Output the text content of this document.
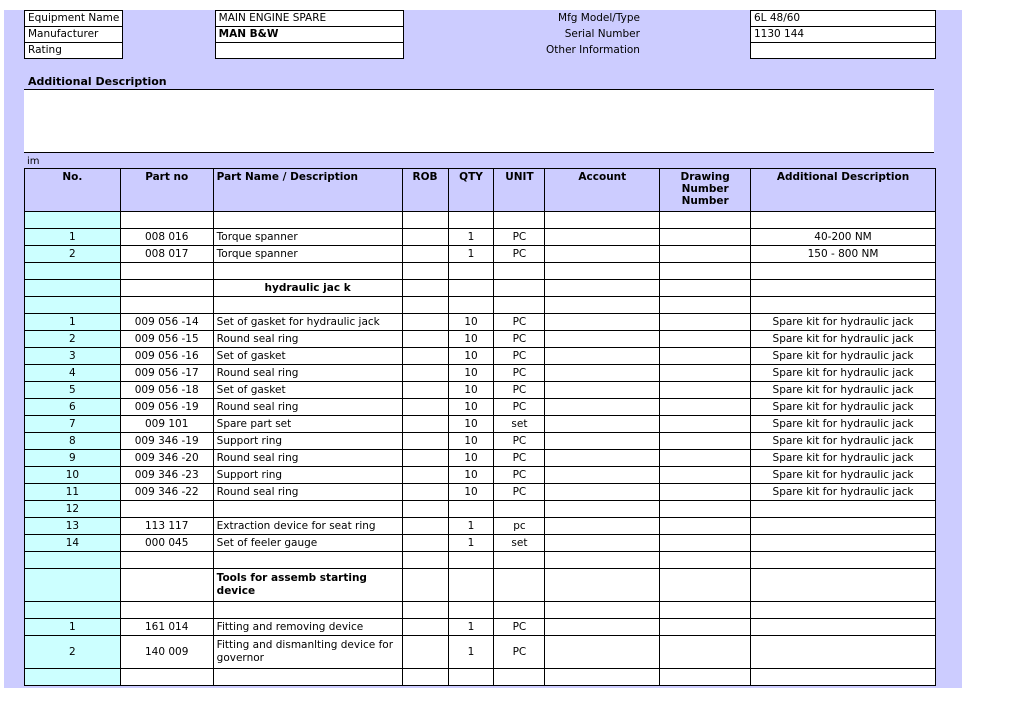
Equipment Name		MAIN ENGINE SPARE	Mfg Model/Type	6L 48/60
Manufacturer		MAN B&W	Serial Number	1130 144
Rating			Other Information	
Additional Description
im
No.	Part no	Part Name / Description	ROB	QTY	UNIT	Account	Drawing Number Number	Additional Description

1	008 016	Torque spanner		1	PC			40-200 NM
2	008 017	Torque spanner		1	PC			150 - 800 NM

		hydraulic jac k						

1	009 056 -14	Set of gasket for hydraulic jack		10	PC			Spare kit for hydraulic jack
2	009 056 -15	Round seal ring		10	PC			Spare kit for hydraulic jack
3	009 056 -16	Set of gasket		10	PC			Spare kit for hydraulic jack
4	009 056 -17	Round seal ring		10	PC			Spare kit for hydraulic jack
5	009 056 -18	Set of gasket		10	PC			Spare kit for hydraulic jack
6	009 056 -19	Round seal ring		10	PC			Spare kit for hydraulic jack
7	009 101	Spare part set		10	set			Spare kit for hydraulic jack
8	009 346 -19	Support ring		10	PC			Spare kit for hydraulic jack
9	009 346 -20	Round seal ring		10	PC			Spare kit for hydraulic jack
10	009 346 -23	Support ring		10	PC			Spare kit for hydraulic jack
11	009 346 -22	Round seal ring		10	PC			Spare kit for hydraulic jack
12								
13	113 117	Extraction device for seat ring		1	pc			
14	000 045	Set of feeler gauge		1	set			

		Tools for assemb starting device						

1	161 014	Fitting and removing device		1	PC			
2	140 009	Fitting and dismanlting device for governor		1	PC			
